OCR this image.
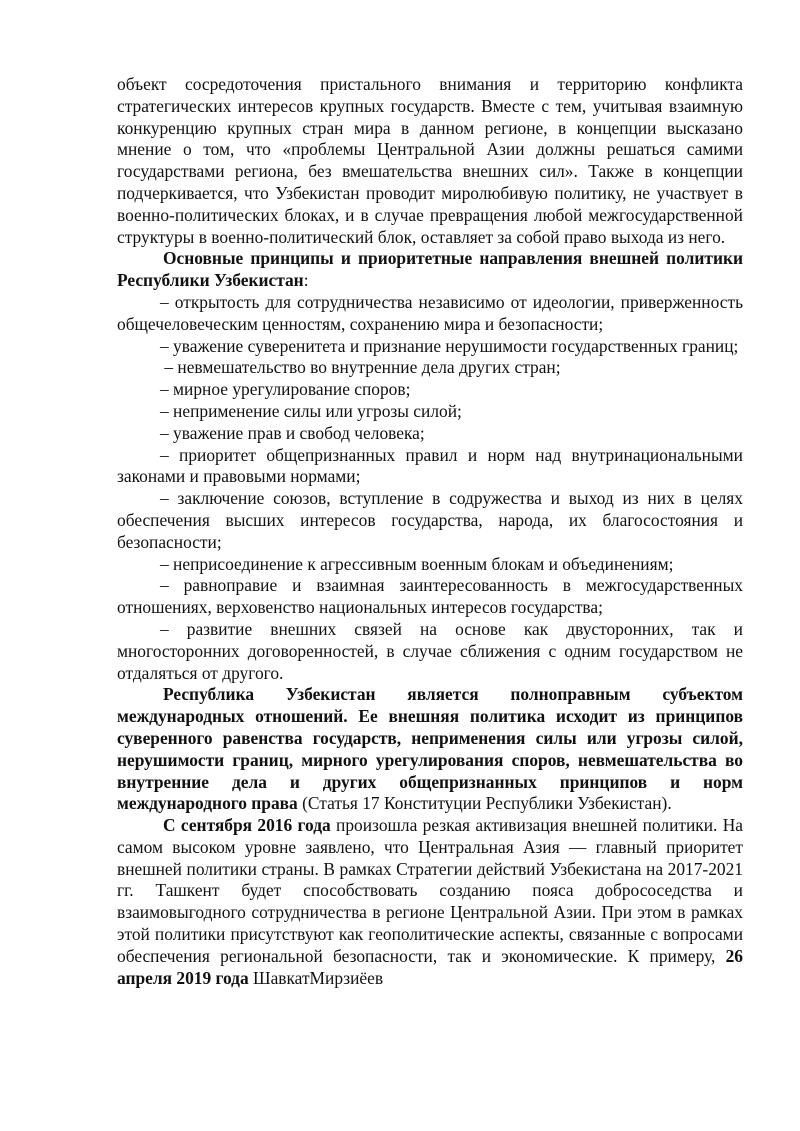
объект сосредоточения пристального внимания и территорию конфликта стратегических интересов крупных государств. Вместе с тем, учитывая взаимную конкуренцию крупных стран мира в данном регионе, в концепции высказано мнение о том, что «проблемы Центральной Азии должны решаться самими государствами региона, без вмешательства внешних сил». Также в концепции подчеркивается, что Узбекистан проводит миролюбивую политику, не участвует в военно-политических блоках, и в случае превращения любой межгосударственной структуры в военно-политический блок, оставляет за собой право выхода из него.

Основные принципы и приоритетные направления внешней политики Республики Узбекистан:

– открытость для сотрудничества независимо от идеологии, приверженность общечеловеческим ценностям, сохранению мира и безопасности;

– уважение суверенитета и признание нерушимости государственных границ;

– невмешательство во внутренние дела других стран;

– мирное урегулирование споров;

– неприменение силы или угрозы силой;

– уважение прав и свобод человека;

– приоритет общепризнанных правил и норм над внутринациональными законами и правовыми нормами;

– заключение союзов, вступление в содружества и выход из них в целях обеспечения высших интересов государства, народа, их благосостояния и безопасности;

– неприсоединение к агрессивным военным блокам и объединениям;

– равноправие и взаимная заинтересованность в межгосударственных отношениях, верховенство национальных интересов государства;

– развитие внешних связей на основе как двусторонних, так и многосторонних договоренностей, в случае сближения с одним государством не отдаляться от другого.

Республика Узбекистан является полноправным субъектом международных отношений. Ее внешняя политика исходит из принципов суверенного равенства государств, неприменения силы или угрозы силой, нерушимости границ, мирного урегулирования споров, невмешательства во внутренние дела и других общепризнанных принципов и норм международного права (Статья 17 Конституции Республики Узбекистан).

С сентября 2016 года произошла резкая активизация внешней политики. На самом высоком уровне заявлено, что Центральная Азия — главный приоритет внешней политики страны. В рамках Стратегии действий Узбекистана на 2017-2021 гг. Ташкент будет способствовать созданию пояса добрососедства и взаимовыгодного сотрудничества в регионе Центральной Азии. При этом в рамках этой политики присутствуют как геополитические аспекты, связанные с вопросами обеспечения региональной безопасности, так и экономические. К примеру, 26 апреля 2019 года ШавкатМирзиёев
